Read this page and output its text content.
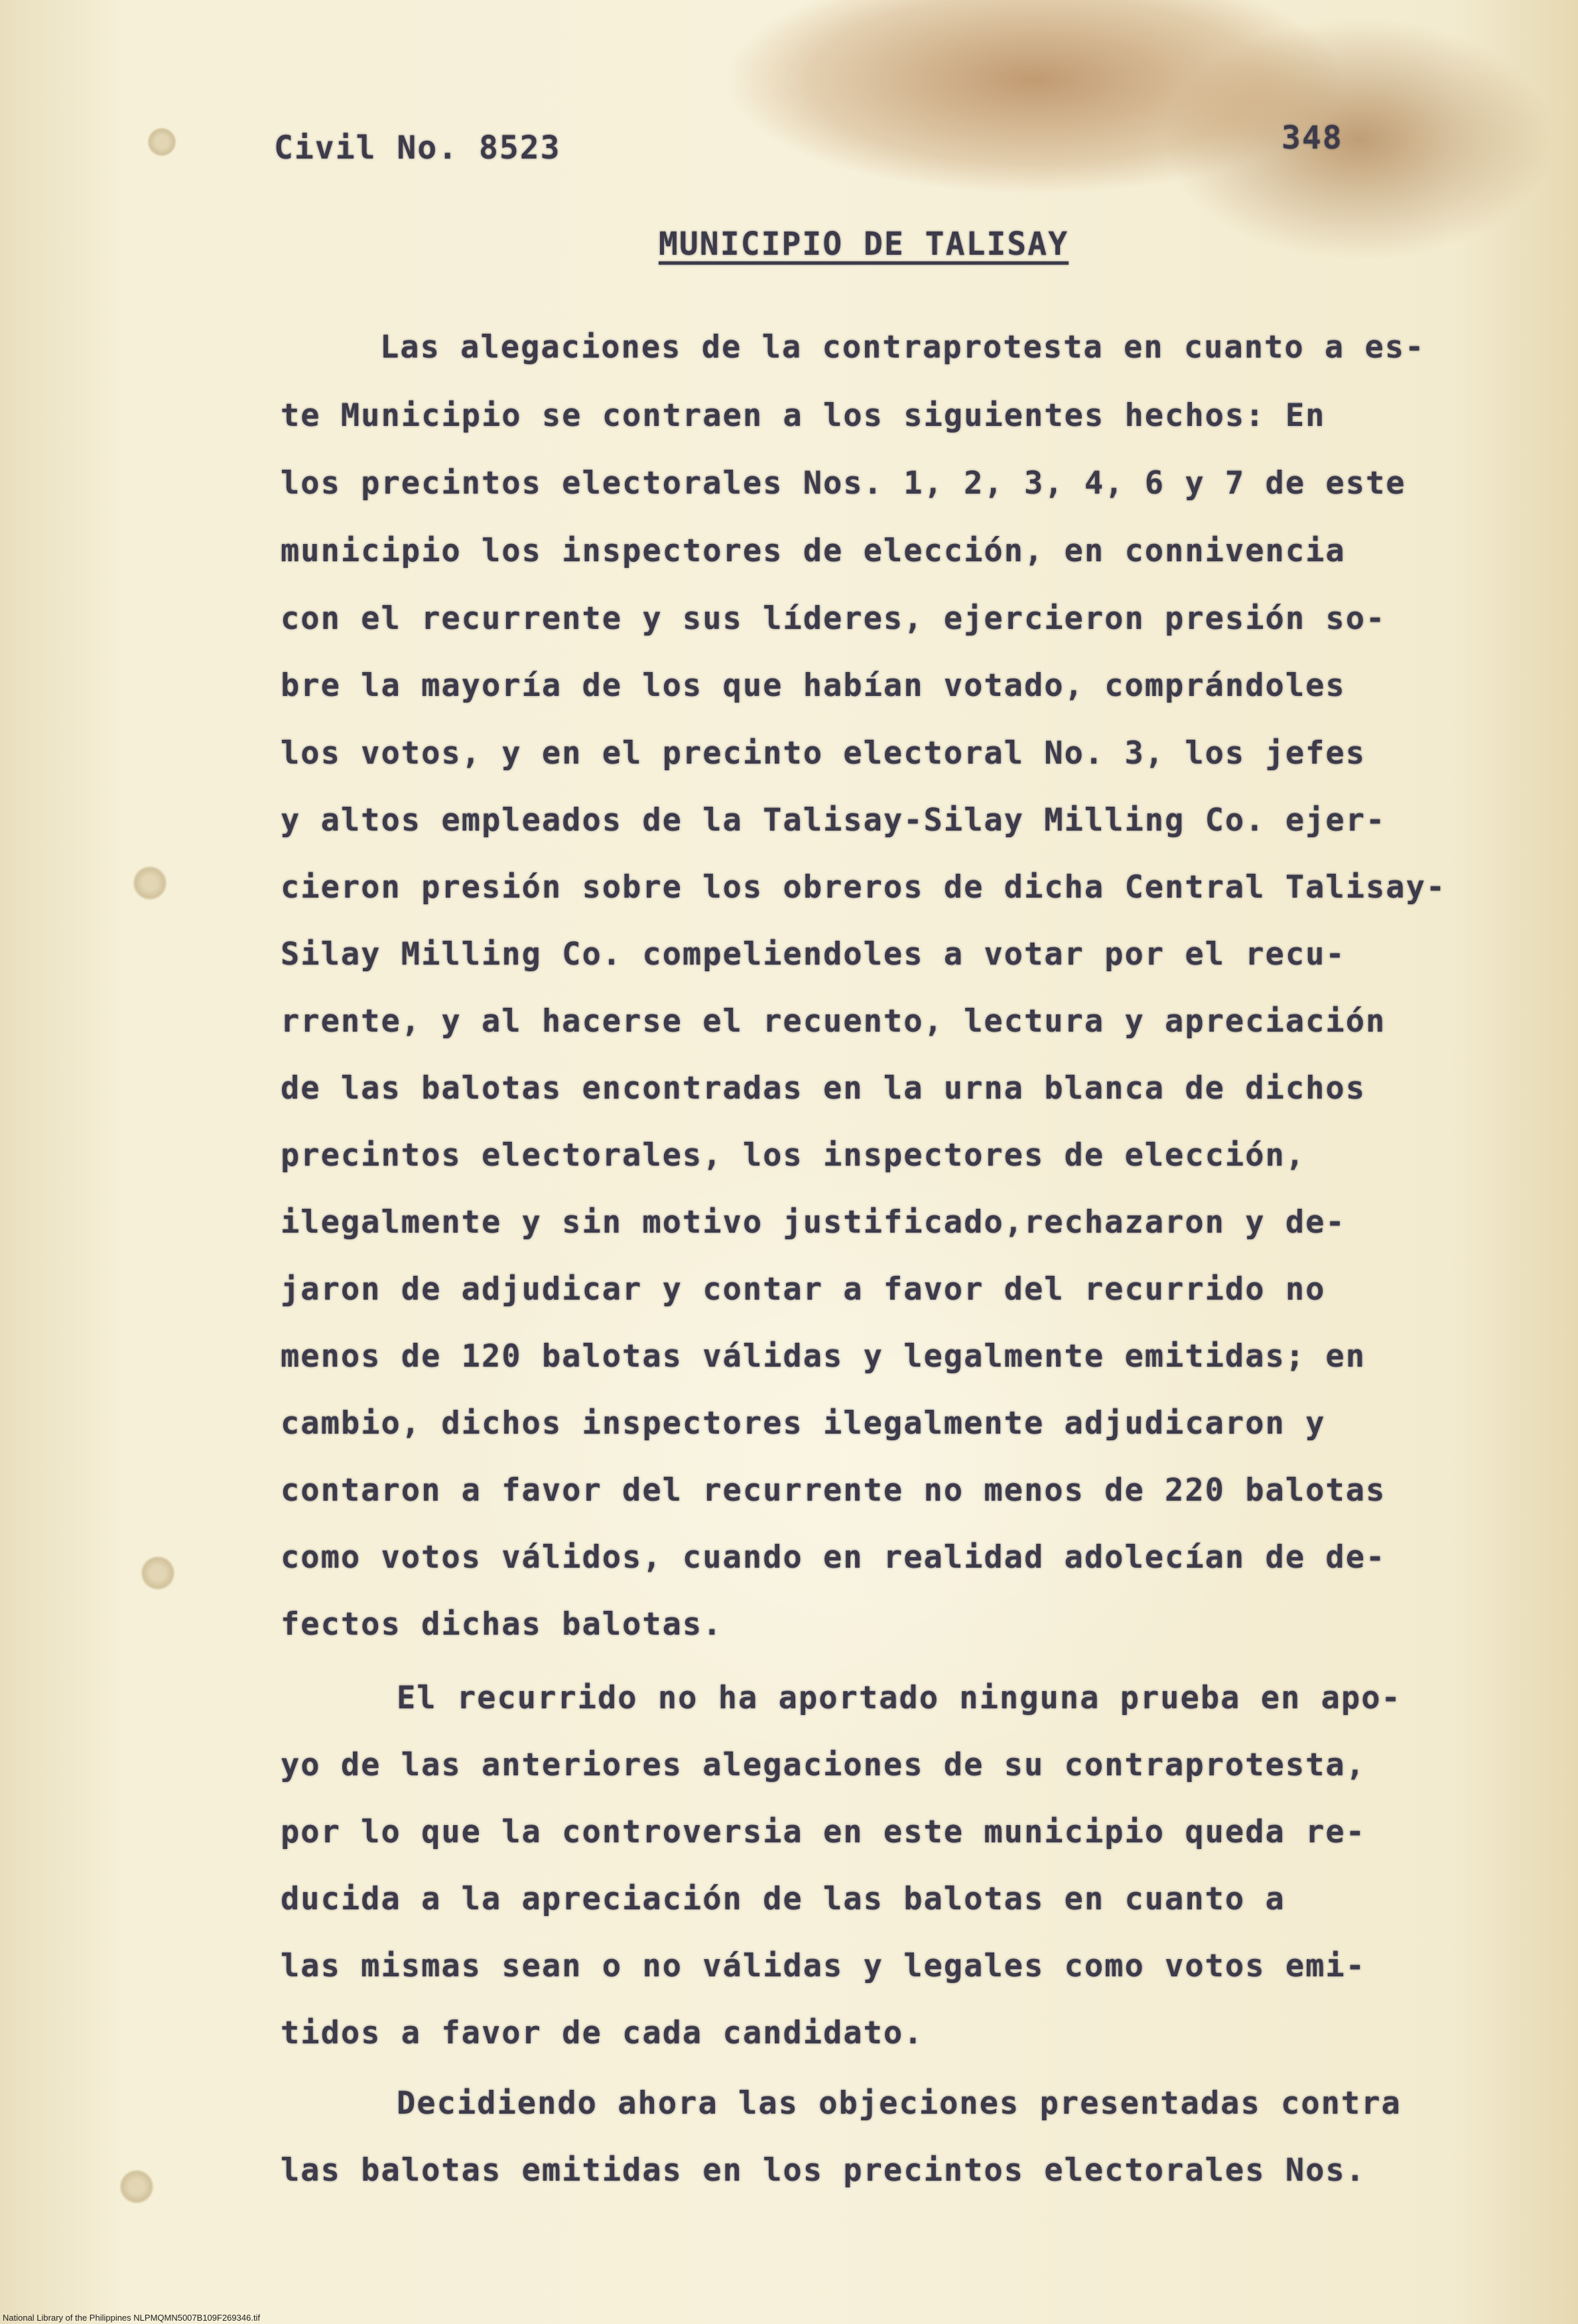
Civil No. 8523	348

MUNICIPIO DE TALISAY

Las alegaciones de la contraprotesta en cuanto a es-

te Municipio se contraen a los siguientes hechos: En

los precintos electorales Nos. 1, 2, 3, 4, 6 y 7 de este

municipio los inspectores de elección, en connivencia

con el recurrente y sus líderes, ejercieron presión so-

bre la mayoría de los que habían votado, comprándoles

los votos, y en el precinto electoral No. 3, los jefes

y altos empleados de la Talisay-Silay Milling Co. ejer-

cieron presión sobre los obreros de dicha Central Talisay-

Silay Milling Co. compeliendoles a votar por el recu-

rrente, y al hacerse el recuento, lectura y apreciación

de las balotas encontradas en la urna blanca de dichos

precintos electorales, los inspectores de elección,

ilegalmente y sin motivo justificado,rechazaron y de-

jaron de adjudicar y contar a favor del recurrido no

menos de 120 balotas válidas y legalmente emitidas; en

cambio, dichos inspectores ilegalmente adjudicaron y

contaron a favor del recurrente no menos de 220 balotas

como votos válidos, cuando en realidad adolecían de de-

fectos dichas balotas.

El recurrido no ha aportado ninguna prueba en apo-

yo de las anteriores alegaciones de su contraprotesta,

por lo que la controversia en este municipio queda re-

ducida a la apreciación de las balotas en cuanto a

las mismas sean o no válidas y legales como votos emi-

tidos a favor de cada candidato.

Decidiendo ahora las objeciones presentadas contra

las balotas emitidas en los precintos electorales Nos.

National Library of the Philippines NLPMQMN5007B109F269346.tif
